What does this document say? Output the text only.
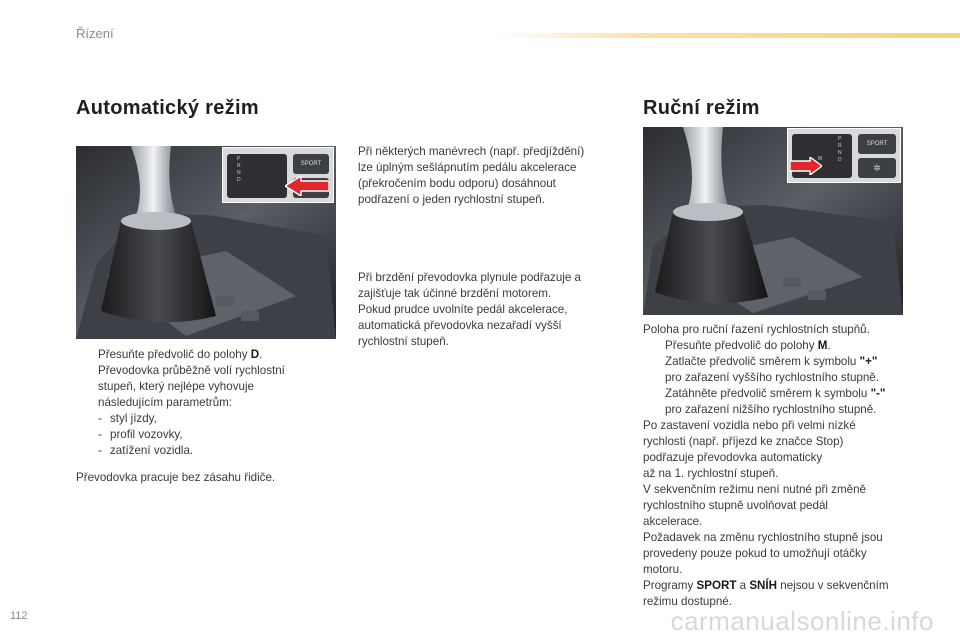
Řízení
Automatický režim
SPORT
P
R
N
D

Přesuňte předvolič do polohy D.

Převodovka průběžně volí rychlostní

stupeň, který nejlépe vyhovuje

následujícím parametrům:

- styl jízdy,
- profil vozovky,
- zatížení vozidla.
Převodovka pracuje bez zásahu řidiče.

Při některých manévrech (např. předjíždění)

lze úplným sešlápnutím pedálu akcelerace

(překročením bodu odporu) dosáhnout

podřazení o jeden rychlostní stupeň.

Při brzdění převodovka plynule podřazuje a

zajišťuje tak účinné brzdění motorem.

Pokud prudce uvolníte pedál akcelerace,

automatická převodovka nezařadí vyšší

rychlostní stupeň.

Ruční režim
SPORT
✲
P
R
N
D
M

Poloha pro ruční řazení rychlostních stupňů.

Přesuňte předvolič do polohy M.

Zatlačte předvolič směrem k symbolu "+"

pro zařazení vyššího rychlostního stupně.

Zatáhněte předvolič směrem k symbolu "-"

pro zařazení nižšího rychlostního stupně.

Po zastavení vozidla nebo při velmi nízké

rychlosti (např. příjezd ke značce Stop)

podřazuje převodovka automaticky

až na 1. rychlostní stupeň.

V sekvenčním režimu není nutné při změně

rychlostního stupně uvolňovat pedál

akcelerace.

Požadavek na změnu rychlostního stupně jsou

provedeny pouze pokud to umožňují otáčky

motoru.

Programy SPORT a SNÍH nejsou v sekvenčním

režimu dostupné.

112	carmanualsonline.info
